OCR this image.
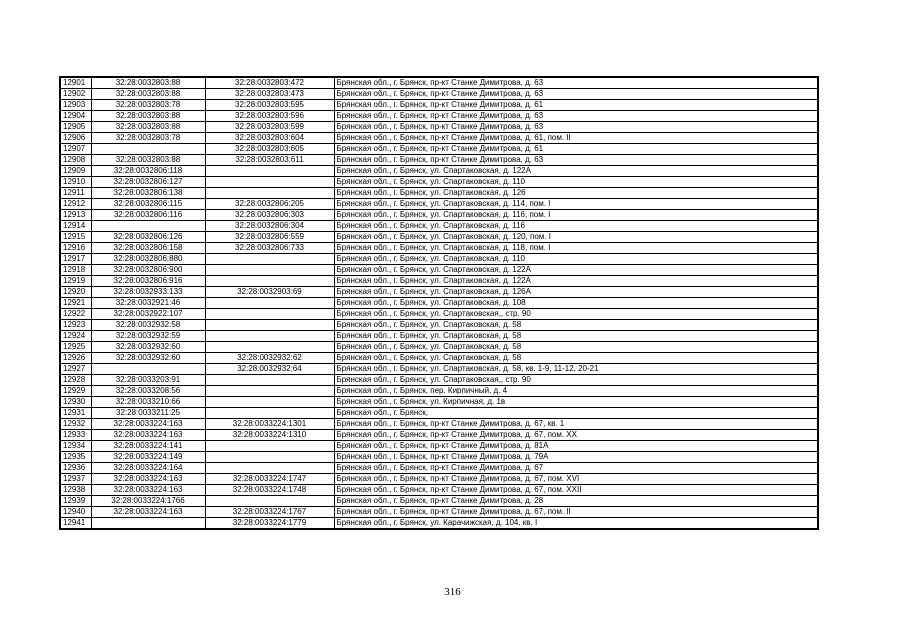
12901	32:28:0032803:88	32:28:0032803:472	Брянская обл., г. Брянск, пр-кт Станке Димитрова, д. 63
12902	32:28:0032803:88	32:28:0032803:473	Брянская обл., г. Брянск, пр-кт Станке Димитрова, д. 63
12903	32:28:0032803:78	32:28:0032803:595	Брянская обл., г. Брянск, пр-кт Станке Димитрова, д. 61
12904	32:28:0032803:88	32:28:0032803:596	Брянская обл., г. Брянск, пр-кт Станке Димитрова, д. 63
12905	32:28:0032803:88	32:28:0032803:599	Брянская обл., г. Брянск, пр-кт Станке Димитрова, д. 63
12906	32:28:0032803:78	32:28:0032803:604	Брянская обл., г. Брянск, пр-кт Станке Димитрова, д. 61, пом. II
12907		32:28:0032803:605	Брянская обл., г. Брянск, пр-кт Станке Димитрова, д. 61
12908	32:28:0032803:88	32:28:0032803:611	Брянская обл., г. Брянск, пр-кт Станке Димитрова, д. 63
12909	32:28:0032806:118		Брянская обл., г. Брянск, ул. Спартаковская, д. 122А
12910	32:28:0032806:127		Брянская обл., г. Брянск, ул. Спартаковская, д. 110
12911	32:28:0032806:138		Брянская обл., г. Брянск, ул. Спартаковская, д. 126
12912	32:28:0032806:115	32:28:0032806:205	Брянская обл., г. Брянск, ул. Спартаковская, д. 114, пом. I
12913	32:28:0032806:116	32:28:0032806:303	Брянская обл., г. Брянск, ул. Спартаковская, д. 116, пом. I
12914		32:28:0032806:304	Брянская обл., г. Брянск, ул. Спартаковская, д. 116
12915	32:28:0032806:126	32:28:0032806:559	Брянская обл., г. Брянск, ул. Спартаковская, д. 120, пом. I
12916	32:28:0032806:158	32:28:0032806:733	Брянская обл., г. Брянск, ул. Спартаковская, д. 118, пом. I
12917	32:28:0032806:880		Брянская обл., г. Брянск, ул. Спартаковская, д. 110
12918	32:28:0032806:900		Брянская обл., г. Брянск, ул. Спартаковская, д. 122А
12919	32:28:0032806:916		Брянская обл., г. Брянск, ул. Спартаковская, д. 122А
12920	32:28:0032933:133	32:28:0032903:69	Брянская обл., г. Брянск, ул. Спартаковская, д. 126А
12921	32:28:0032921:46		Брянская обл., г. Брянск, ул. Спартаковская, д. 108
12922	32:28:0032922:107		Брянская обл., г. Брянск, ул. Спартаковская,, стр. 90
12923	32:28:0032932:58		Брянская обл., г. Брянск, ул. Спартаковская, д. 58
12924	32:28:0032932:59		Брянская обл., г. Брянск, ул. Спартаковская, д. 58
12925	32:28:0032932:60		Брянская обл., г. Брянск, ул. Спартаковская, д. 58
12926	32:28:0032932:60	32:28:0032932:62	Брянская обл., г. Брянск, ул. Спартаковская, д. 58
12927		32:28:0032932:64	Брянская обл., г. Брянск, ул. Спартаковская, д. 58, кв. 1-9, 11-12, 20-21
12928	32:28:0033203:91		Брянская обл., г. Брянск, ул. Спартаковская,, стр. 90
12929	32:28:0033208:56		Брянская обл., г. Брянск, пер. Кирпичный, д. 4
12930	32:28:0033210:66		Брянская обл., г. Брянск, ул. Кирпичная, д. 1в
12931	32:28:0033211:25		Брянская обл., г. Брянск,
12932	32:28:0033224:163	32:28:0033224:1301	Брянская обл., г. Брянск, пр-кт Станке Димитрова, д. 67, кв. 1
12933	32:28:0033224:163	32:28:0033224:1310	Брянская обл., г. Брянск, пр-кт Станке Димитрова, д. 67, пом. XX
12934	32:28:0033224:141		Брянская обл., г. Брянск, пр-кт Станке Димитрова, д. 81А
12935	32:28:0033224:149		Брянская обл., г. Брянск, пр-кт Станке Димитрова, д. 79А
12936	32:28:0033224:164		Брянская обл., г. Брянск, пр-кт Станке Димитрова, д. 67
12937	32:28:0033224:163	32:28:0033224:1747	Брянская обл., г. Брянск, пр-кт Станке Димитрова, д. 67, пом. XVI
12938	32:28:0033224:163	32:28:0033224:1748	Брянская обл., г. Брянск, пр-кт Станке Димитрова, д. 67, пом. XXII
12939	32:28:0033224:1766		Брянская обл., г. Брянск, пр-кт Станке Димитрова, д. 28
12940	32:28:0033224:163	32:28:0033224:1767	Брянская обл., г. Брянск, пр-кт Станке Димитрова, д. 67, пом. II
12941		32:28:0033224:1779	Брянская обл., г. Брянск, ул. Карачижская, д. 104, кв. I
316
